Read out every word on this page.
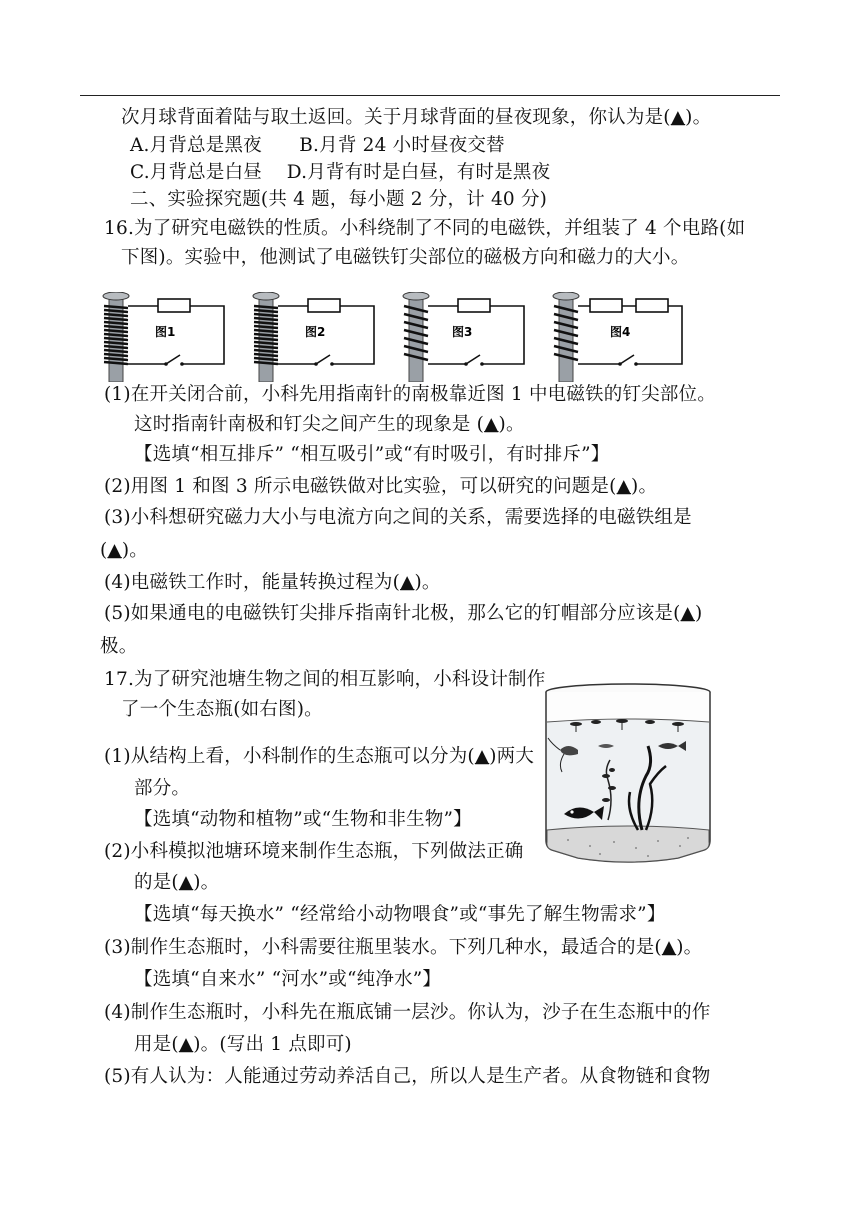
次月球背面着陆与取土返回。关于月球背面的昼夜现象，你认为是(▲)。
A.月背总是黑夜　　B.月背 24 小时昼夜交替
C.月背总是白昼　 D.月背有时是白昼，有时是黑夜
二、实验探究题(共 4 题，每小题 2 分，计 40 分)
16.为了研究电磁铁的性质。小科绕制了不同的电磁铁，并组装了 4 个电路(如
下图)。实验中，他测试了电磁铁钉尖部位的磁极方向和磁力的大小。
(1)在开关闭合前，小科先用指南针的南极靠近图 1 中电磁铁的钉尖部位。
这时指南针南极和钉尖之间产生的现象是 (▲)。
【选填“相互排斥” “相互吸引”或“有时吸引，有时排斥”】
(2)用图 1 和图 3 所示电磁铁做对比实验，可以研究的问题是(▲)。
(3)小科想研究磁力大小与电流方向之间的关系，需要选择的电磁铁组是
(▲)。
(4)电磁铁工作时，能量转换过程为(▲)。
(5)如果通电的电磁铁钉尖排斥指南针北极，那么它的钉帽部分应该是(▲)
极。
17.为了研究池塘生物之间的相互影响，小科设计制作
了一个生态瓶(如右图)。
(1)从结构上看，小科制作的生态瓶可以分为(▲)两大
部分。
【选填“动物和植物”或“生物和非生物”】
(2)小科模拟池塘环境来制作生态瓶，下列做法正确
的是(▲)。
【选填“每天换水” “经常给小动物喂食”或“事先了解生物需求”】
(3)制作生态瓶时，小科需要往瓶里装水。下列几种水，最适合的是(▲)。
【选填“自来水” “河水”或“纯净水”】
(4)制作生态瓶时，小科先在瓶底铺一层沙。你认为，沙子在生态瓶中的作
用是(▲)。(写出 1 点即可)
(5)有人认为：人能通过劳动养活自己，所以人是生产者。从食物链和食物
图1	图2	图3	图4
